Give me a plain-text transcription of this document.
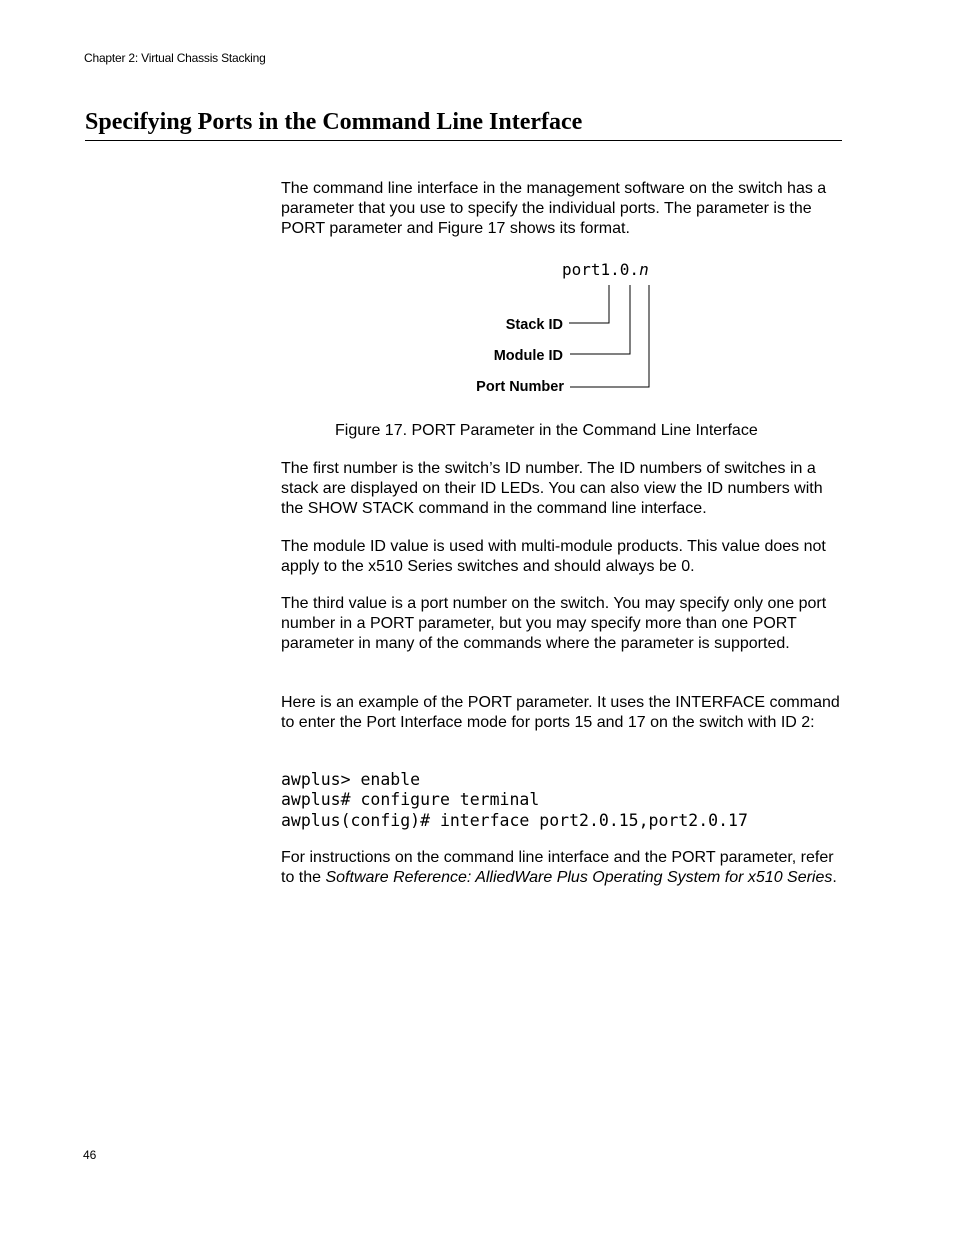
Chapter 2: Virtual Chassis Stacking
Specifying Ports in the Command Line Interface

The command line interface in the management software on the switch has a parameter that you use to specify the individual ports. The parameter is the PORT parameter and Figure 17 shows its format.

port1.0.n
Stack ID
Module ID
Port Number
Figure 17. PORT Parameter in the Command Line Interface

The first number is the switch’s ID number. The ID numbers of switches in a stack are displayed on their ID LEDs. You can also view the ID numbers with the SHOW STACK command in the command line interface.

The module ID value is used with multi-module products. This value does not apply to the x510 Series switches and should always be 0.

The third value is a port number on the switch. You may specify only one port number in a PORT parameter, but you may specify more than one PORT parameter in many of the commands where the parameter is supported.

Here is an example of the PORT parameter. It uses the INTERFACE command to enter the Port Interface mode for ports 15 and 17 on the switch with ID 2:

awplus> enable
awplus# configure terminal
awplus(config)# interface port2.0.15,port2.0.17

For instructions on the command line interface and the PORT parameter, refer to the Software Reference: AlliedWare Plus Operating System for x510 Series.

46
